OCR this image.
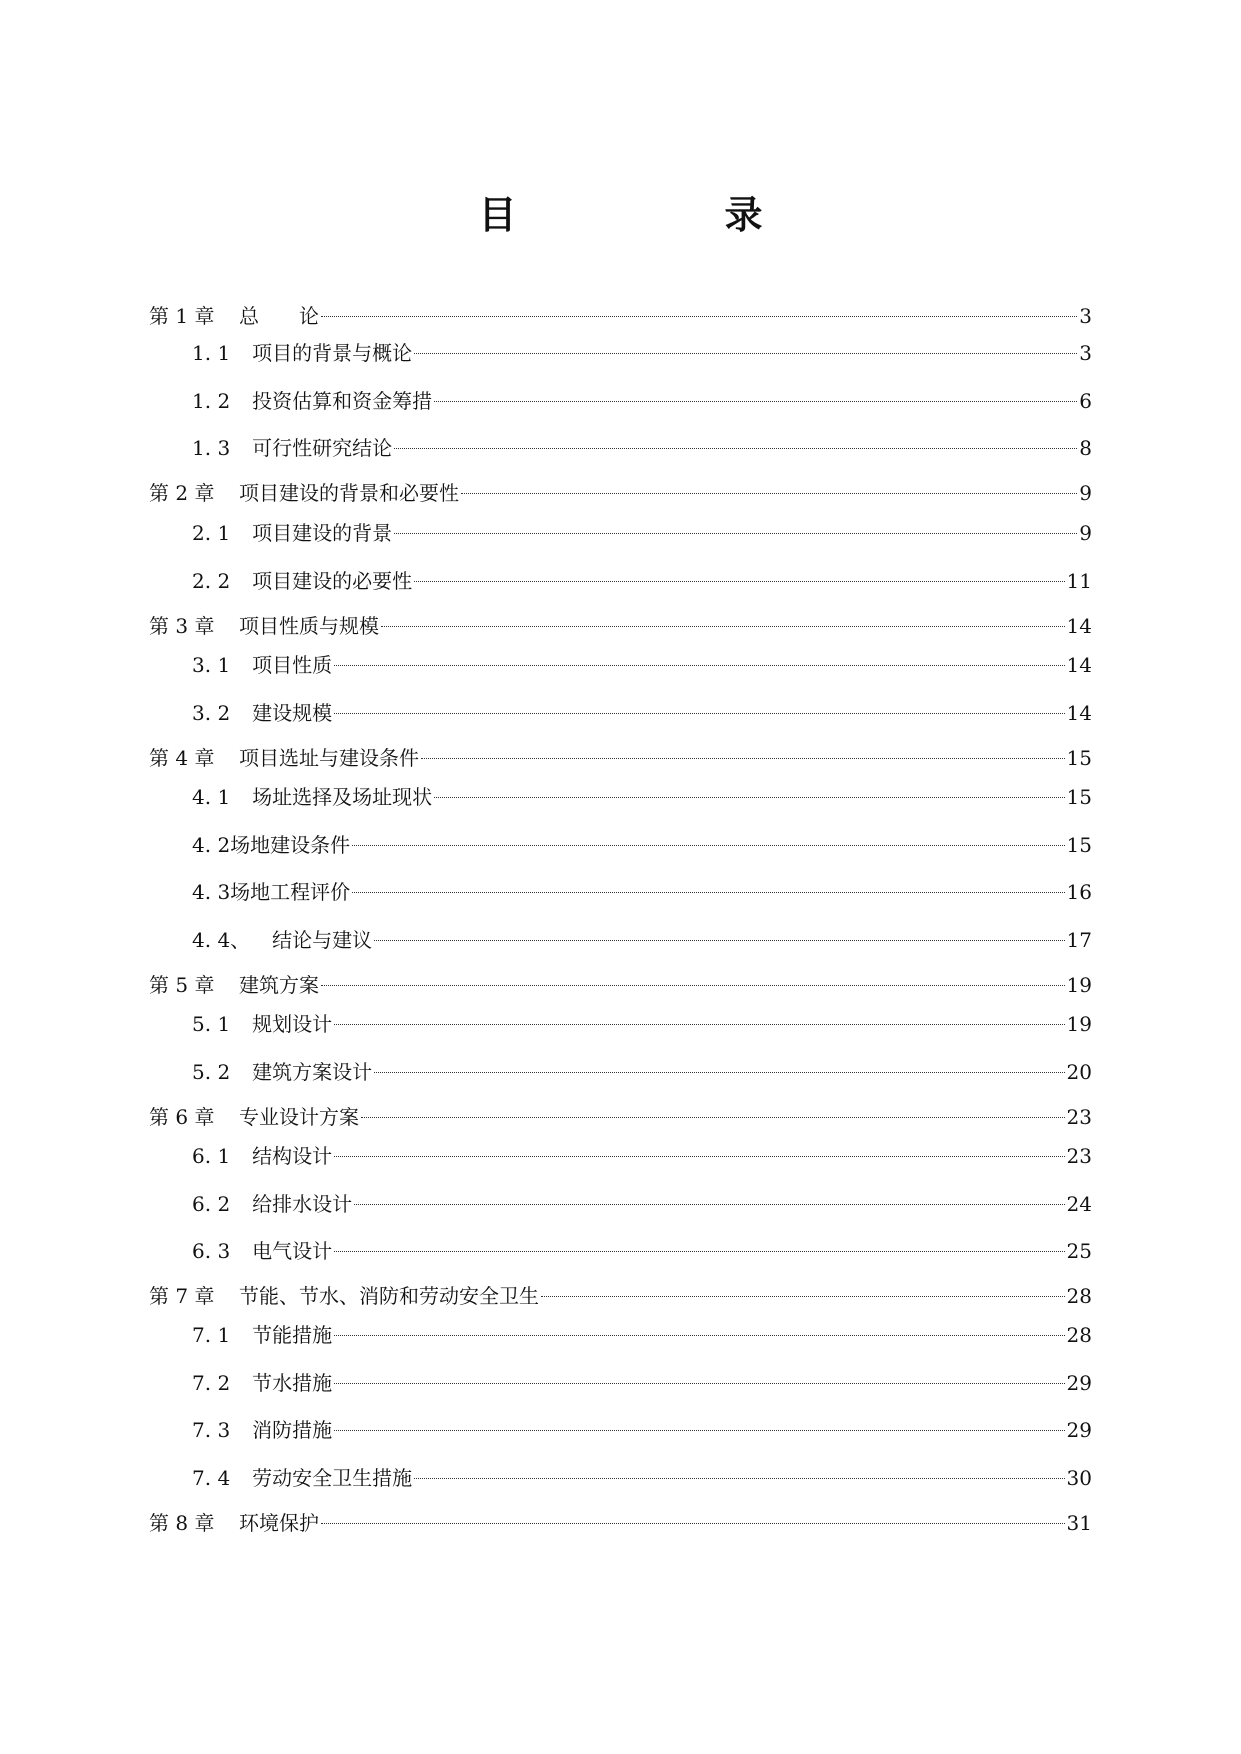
目　　录
第 1 章	总　　论	3
1. 1 项目的背景与概论	3
1. 2 投资估算和资金筹措	6
1. 3 可行性研究结论	8
第 2 章	项目建设的背景和必要性	9
2. 1 项目建设的背景	9
2. 2 项目建设的必要性	11
第 3 章	项目性质与规模	14
3. 1 项目性质	14
3. 2 建设规模	14
第 4 章	项目选址与建设条件	15
4. 1 场址选择及场址现状	15
4. 2 场地建设条件	15
4. 3 场地工程评价	16
4. 4、 结论与建议	17
第 5 章	建筑方案	19
5. 1 规划设计	19
5. 2 建筑方案设计	20
第 6 章	专业设计方案	23
6. 1 结构设计	23
6. 2 给排水设计	24
6. 3 电气设计	25
第 7 章	节能、节水、消防和劳动安全卫生	28
7. 1 节能措施	28
7. 2 节水措施	29
7. 3 消防措施	29
7. 4 劳动安全卫生措施	30
第 8 章	环境保护	31
